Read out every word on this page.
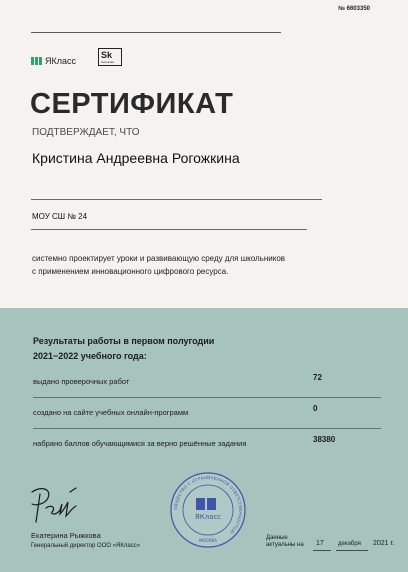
№ 6603350
ЯКласс
Sk
Сколково
СЕРТИФИКАТ
ПОДТВЕРЖДАЕТ, ЧТО
Кристина Андреевна Рогожкина
МОУ СШ № 24
системно проектирует уроки и развивающую среду для школьников
с применением инновационного цифрового ресурса.
Результаты работы в первом полугодии
2021−2022 учебного года:
выдано проверочных работ	72
создано на сайте учебных онлайн-программ	0
набрано баллов обучающимися за верно решённые задания	38380
Екатерина Рыжкова
Генеральный директор ООО «ЯКласс»
ОБЩЕСТВО С ОГРАНИЧЕННОЙ ОТВЕТСТВЕННОСТЬЮ
ЯКласс
МОСКВА	Данные
актуальны на 17 декабря 2021 г.
